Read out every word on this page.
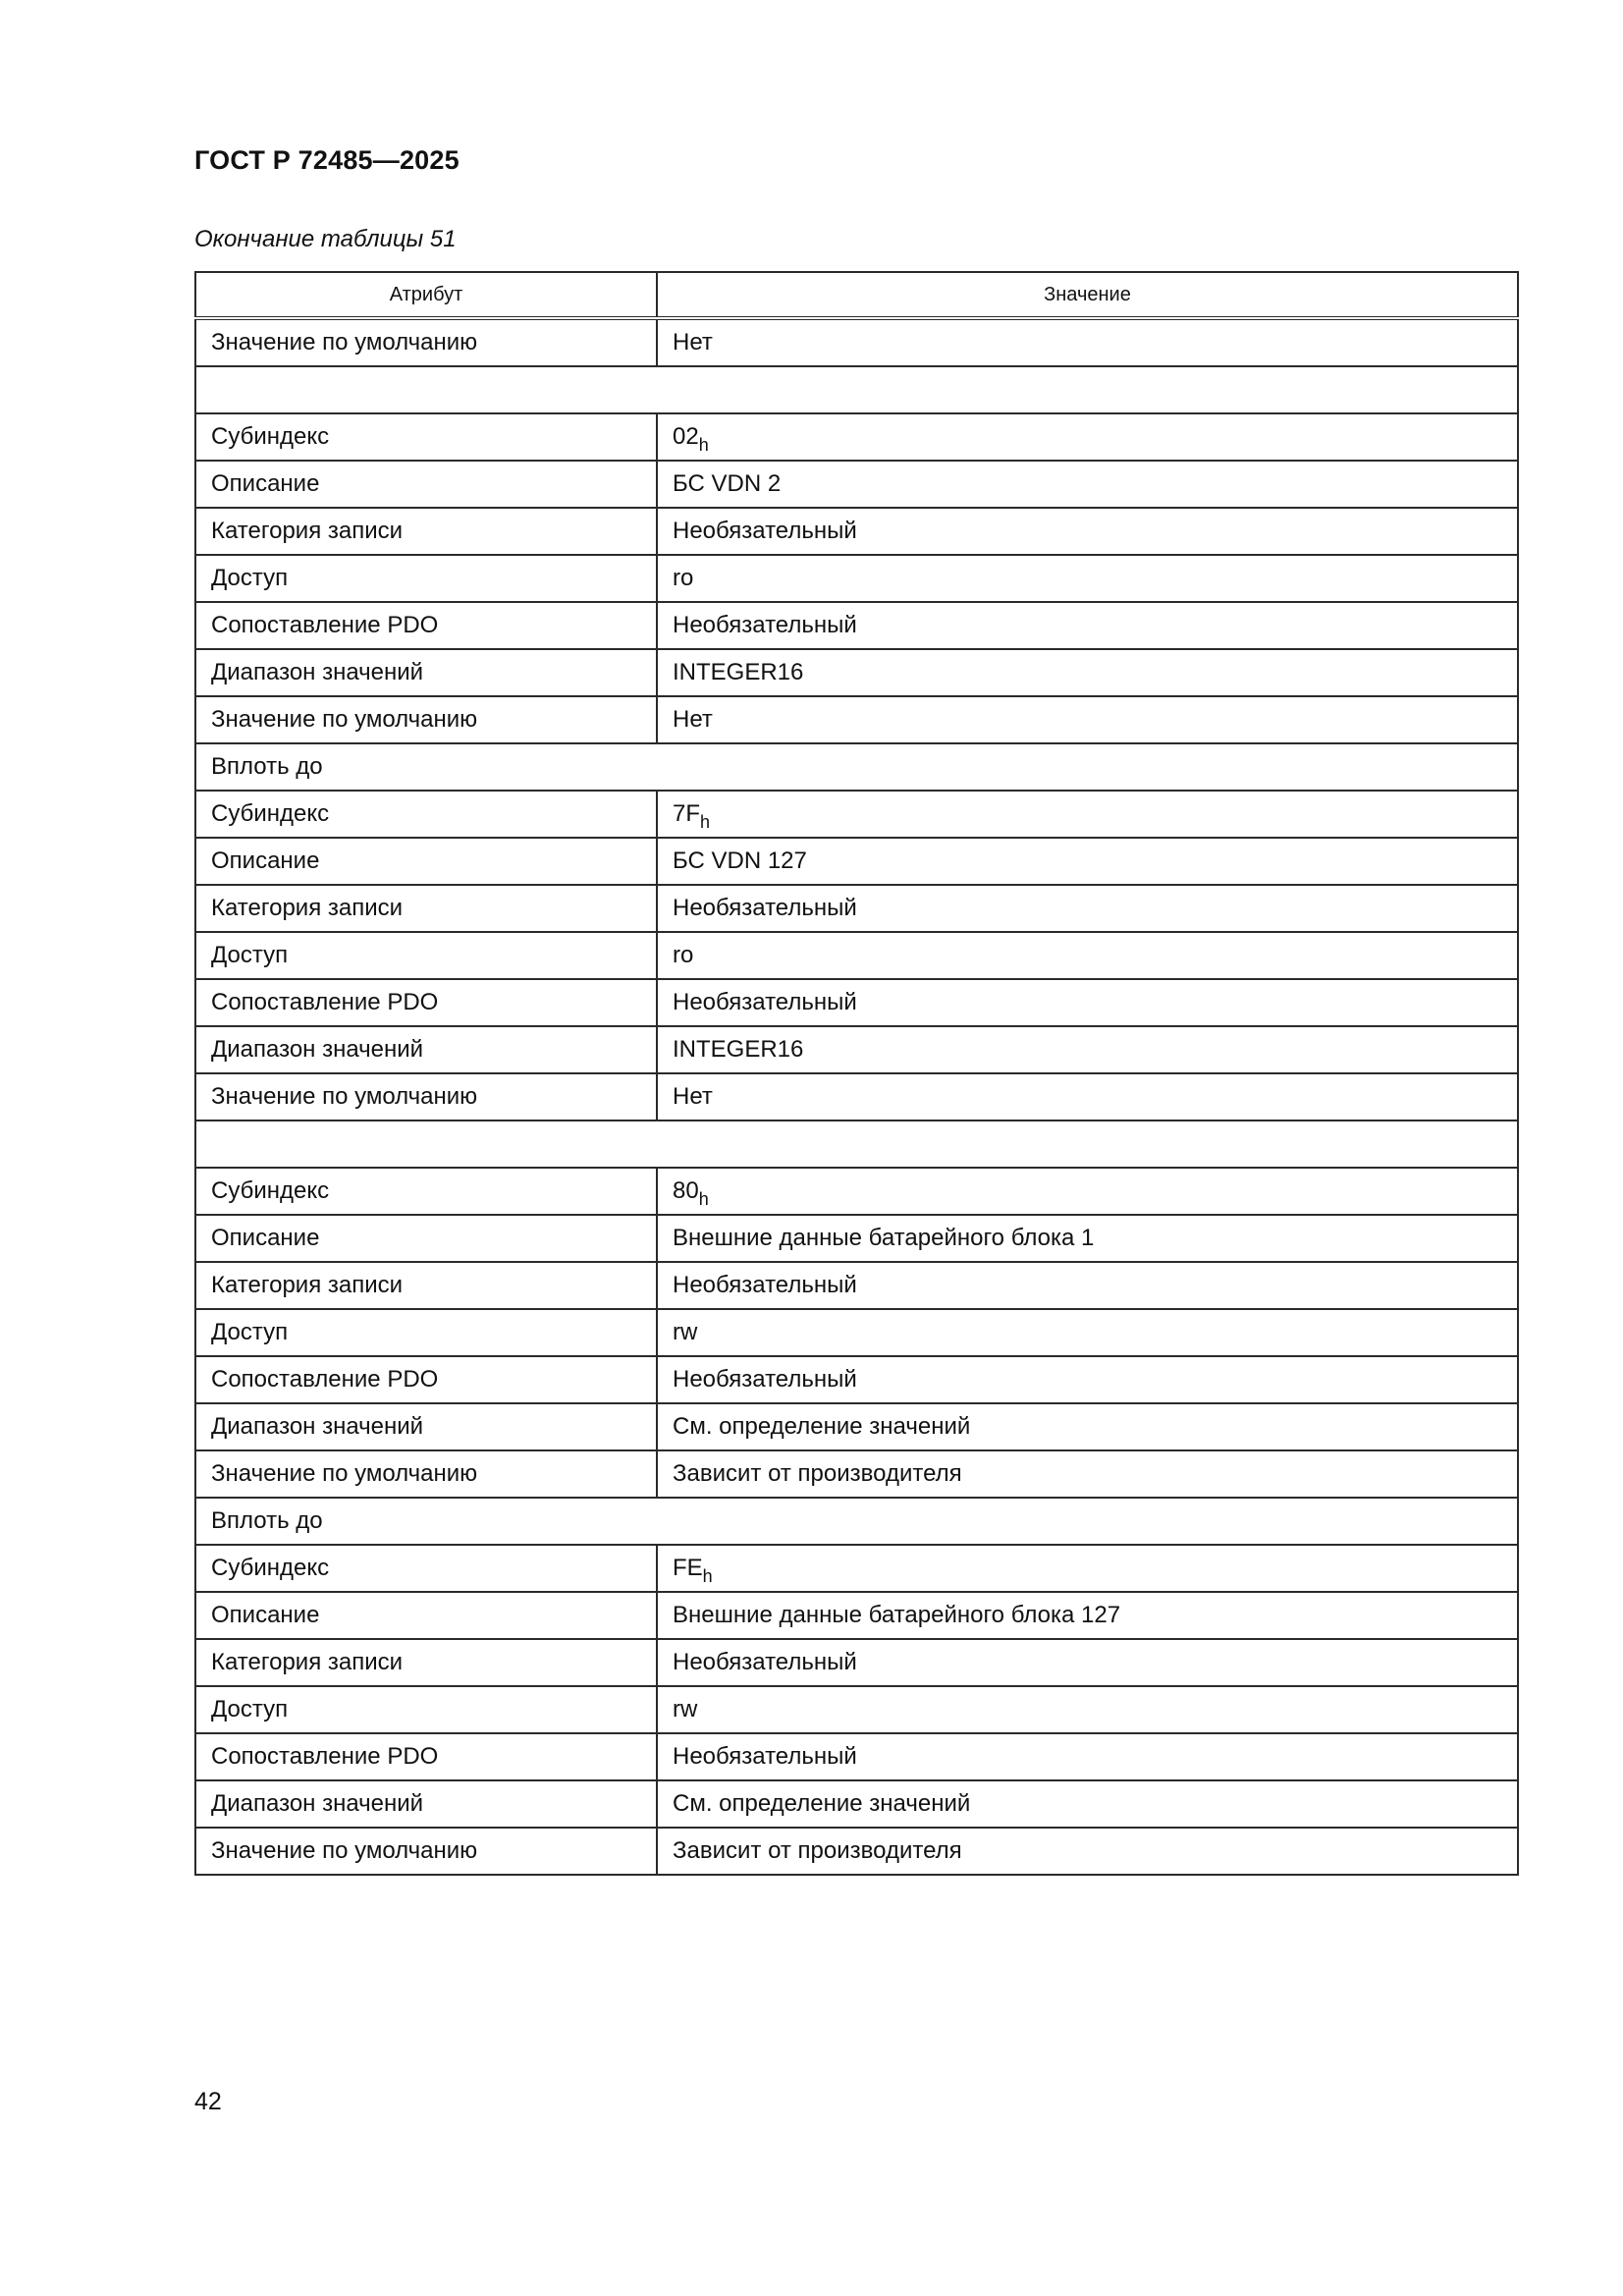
ГОСТ Р 72485—2025
Окончание таблицы 51
Атрибут	Значение
Значение по умолчанию	Нет

Субиндекс	$02_h$
Описание	БС VDN 2
Категория записи	Необязательный
Доступ	ro
Сопоставление PDO	Необязательный
Диапазон значений	INTEGER16
Значение по умолчанию	Нет
Вплоть до	
Субиндекс	$7F_h$
Описание	БС VDN 127
Категория записи	Необязательный
Доступ	ro
Сопоставление PDO	Необязательный
Диапазон значений	INTEGER16
Значение по умолчанию	Нет

Субиндекс	$80_h$
Описание	Внешние данные батарейного блока 1
Категория записи	Необязательный
Доступ	rw
Сопоставление PDO	Необязательный
Диапазон значений	См. определение значений
Значение по умолчанию	Зависит от производителя
Вплоть до	
Субиндекс	$FE_h$
Описание	Внешние данные батарейного блока 127
Категория записи	Необязательный
Доступ	rw
Сопоставление PDO	Необязательный
Диапазон значений	См. определение значений
Значение по умолчанию	Зависит от производителя
42
